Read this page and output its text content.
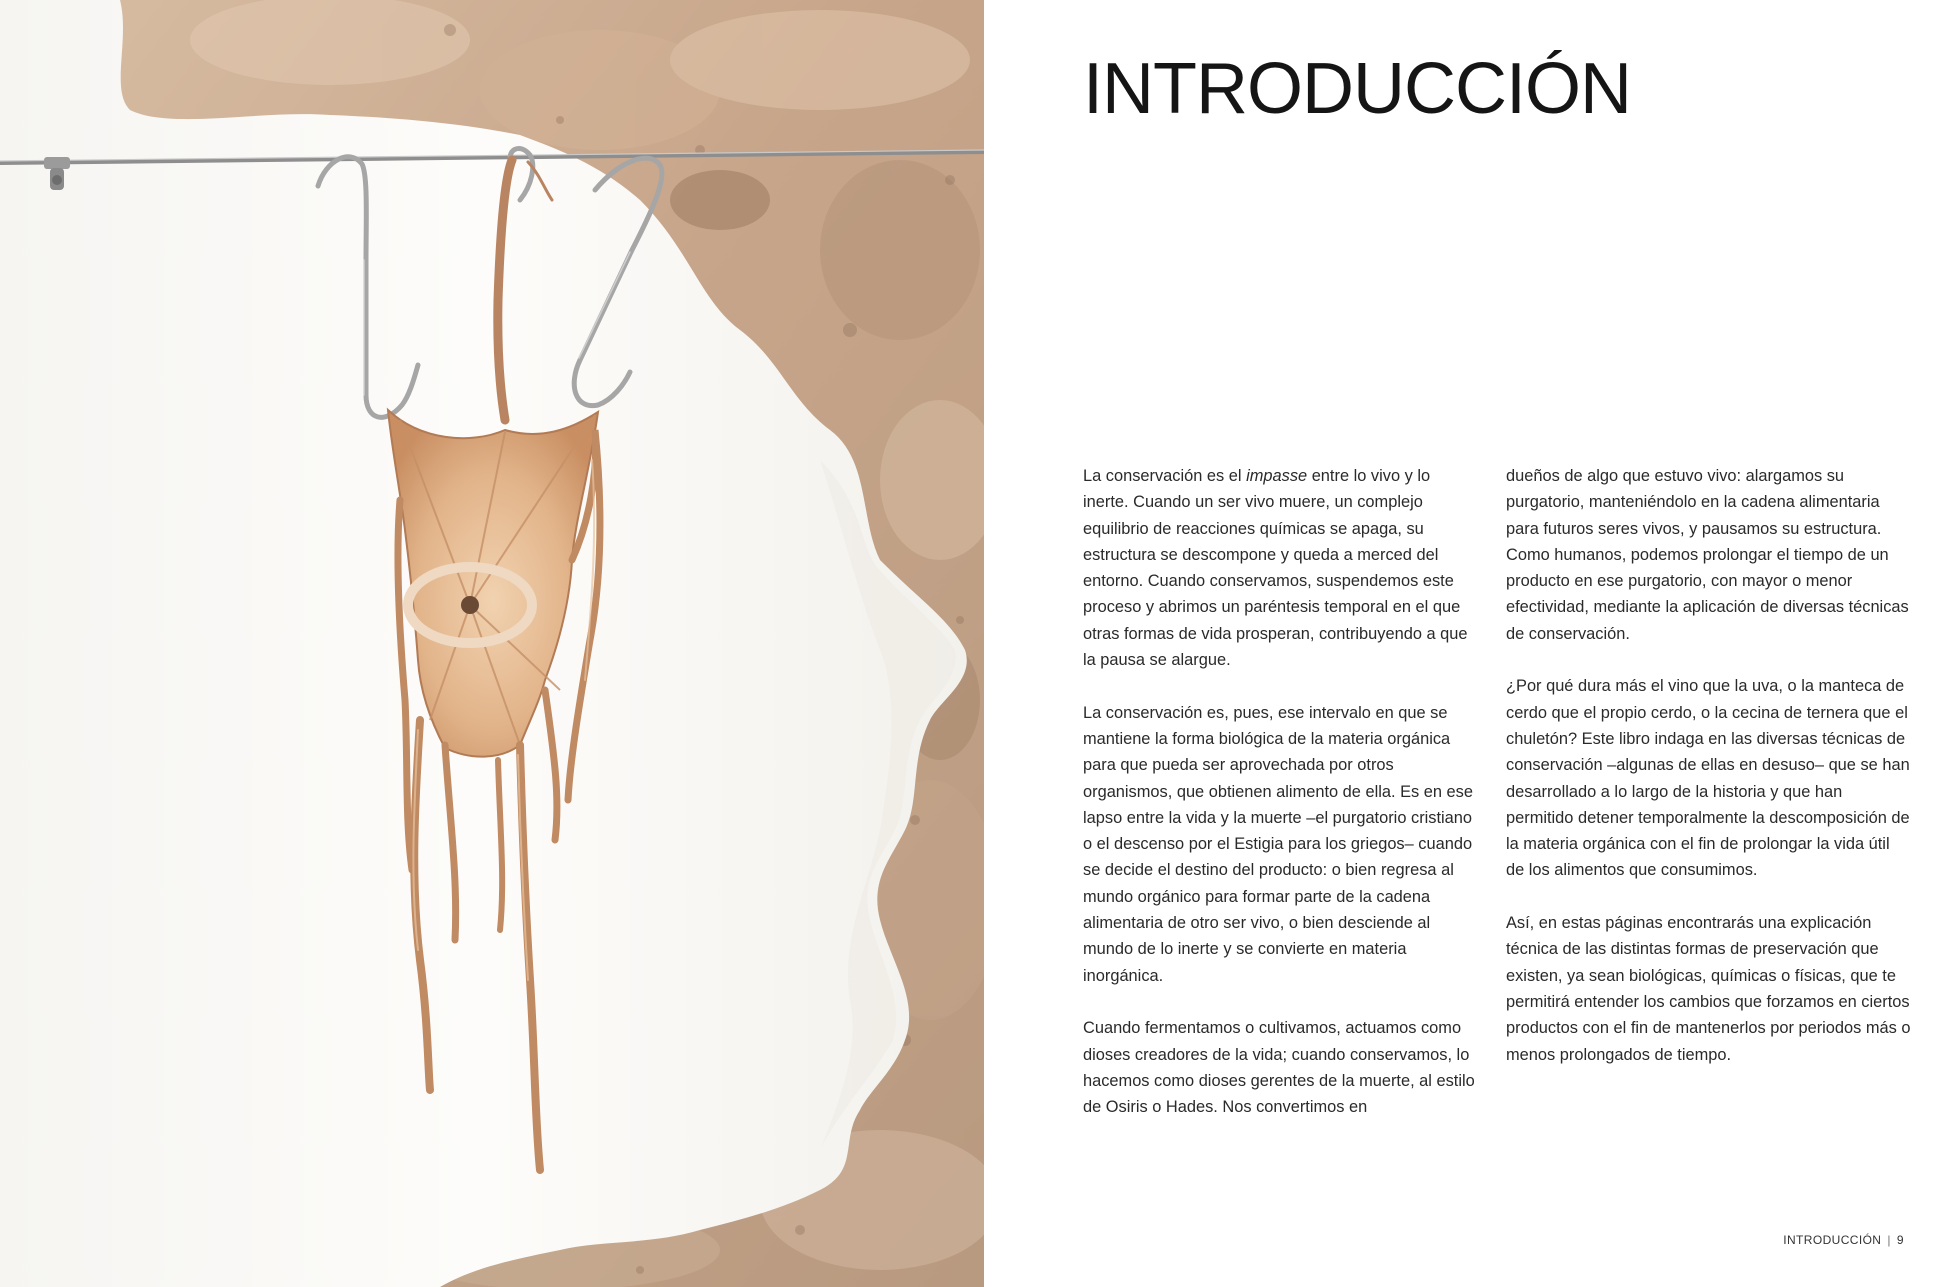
INTRODUCCIÓN

La conservación es el impasse entre lo vivo y lo inerte. Cuando un ser vivo muere, un complejo equilibrio de reacciones químicas se apaga, su estructura se descompone y queda a merced del entorno. Cuando conservamos, suspendemos este proceso y abrimos un paréntesis temporal en el que otras formas de vida prosperan, contribuyendo a que la pausa se alargue.

La conservación es, pues, ese intervalo en que se mantiene la forma biológica de la materia orgánica para que pueda ser aprovechada por otros organismos, que obtienen alimento de ella. Es en ese lapso entre la vida y la muerte –el purgatorio cristiano o el descenso por el Estigia para los griegos– cuando se decide el destino del producto: o bien regresa al mundo orgánico para formar parte de la cadena alimentaria de otro ser vivo, o bien desciende al mundo de lo inerte y se convierte en materia inorgánica.

Cuando fermentamos o cultivamos, actuamos como dioses creadores de la vida; cuando conservamos, lo hacemos como dioses gerentes de la muerte, al estilo de Osiris o Hades. Nos convertimos en

dueños de algo que estuvo vivo: alargamos su purgatorio, manteniéndolo en la cadena alimentaria para futuros seres vivos, y pausamos su estructura. Como humanos, podemos prolongar el tiempo de un producto en ese purgatorio, con mayor o menor efectividad, mediante la aplicación de diversas técnicas de conservación.

¿Por qué dura más el vino que la uva, o la manteca de cerdo que el propio cerdo, o la cecina de ternera que el chuletón? Este libro indaga en las diversas técnicas de conservación –algunas de ellas en desuso– que se han desarrollado a lo largo de la historia y que han permitido detener temporalmente la descomposición de la materia orgánica con el fin de prolongar la vida útil de los alimentos que consumimos.

Así, en estas páginas encontrarás una explicación técnica de las distintas formas de preservación que existen, ya sean biológicas, químicas o físicas, que te permitirá entender los cambios que forzamos en ciertos productos con el fin de mantenerlos por periodos más o menos prolongados de tiempo.

INTRODUCCIÓN | 9
